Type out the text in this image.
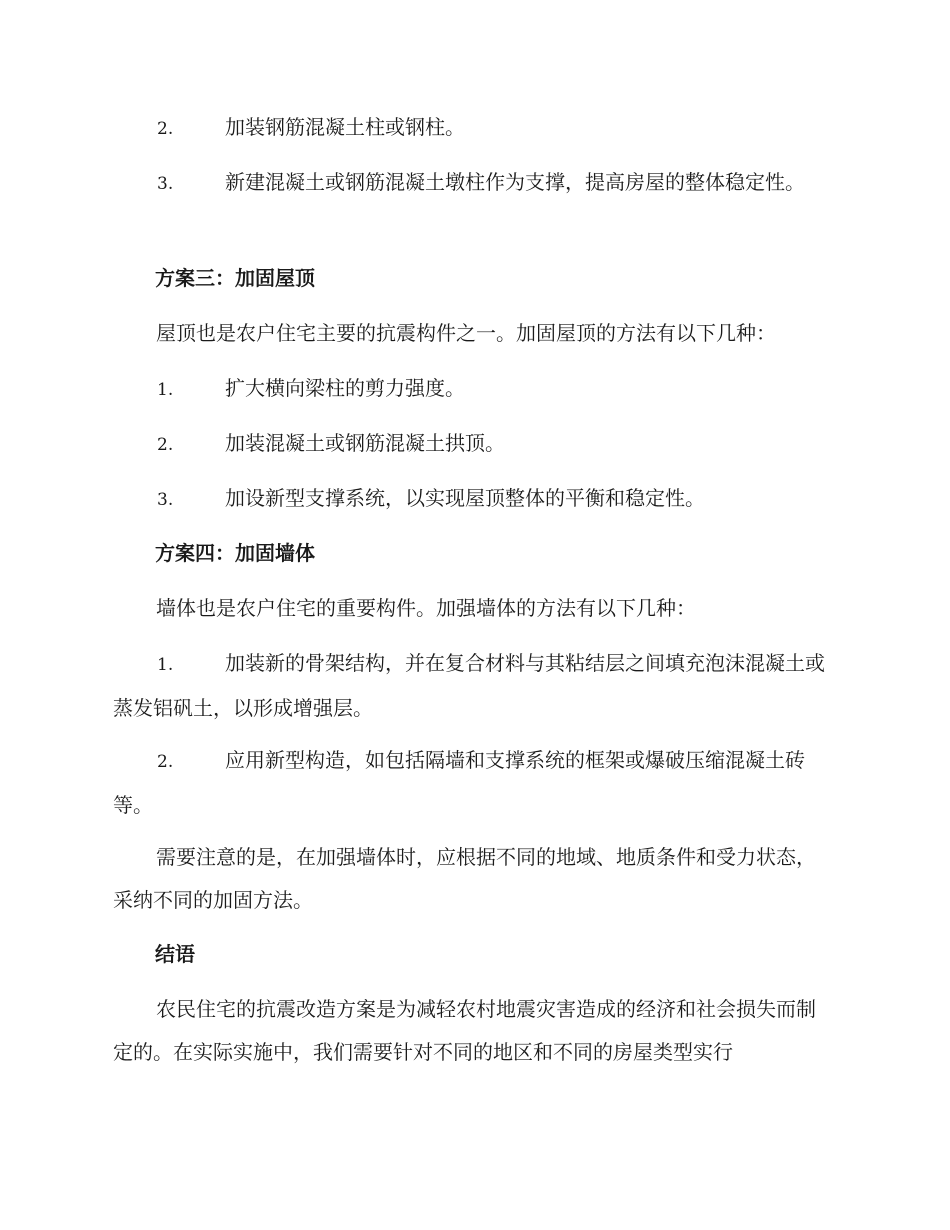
2.	加装钢筋混凝土柱或钢柱。

3.	新建混凝土或钢筋混凝土墩柱作为支撑，提高房屋的整体稳定性。

方案三：加固屋顶

屋顶也是农户住宅主要的抗震构件之一。加固屋顶的方法有以下几种：

1.	扩大横向梁柱的剪力强度。

2.	加装混凝土或钢筋混凝土拱顶。

3.	加设新型支撑系统，以实现屋顶整体的平衡和稳定性。

方案四：加固墙体

墙体也是农户住宅的重要构件。加强墙体的方法有以下几种：

1.	加装新的骨架结构，并在复合材料与其粘结层之间填充泡沫混凝土或蒸发铝矾土，以形成增强层。

2.	应用新型构造，如包括隔墙和支撑系统的框架或爆破压缩混凝土砖等。

需要注意的是，在加强墙体时，应根据不同的地域、地质条件和受力状态，采纳不同的加固方法。

结语

农民住宅的抗震改造方案是为减轻农村地震灾害造成的经济和社会损失而制定的。在实际实施中，我们需要针对不同的地区和不同的房屋类型实行
